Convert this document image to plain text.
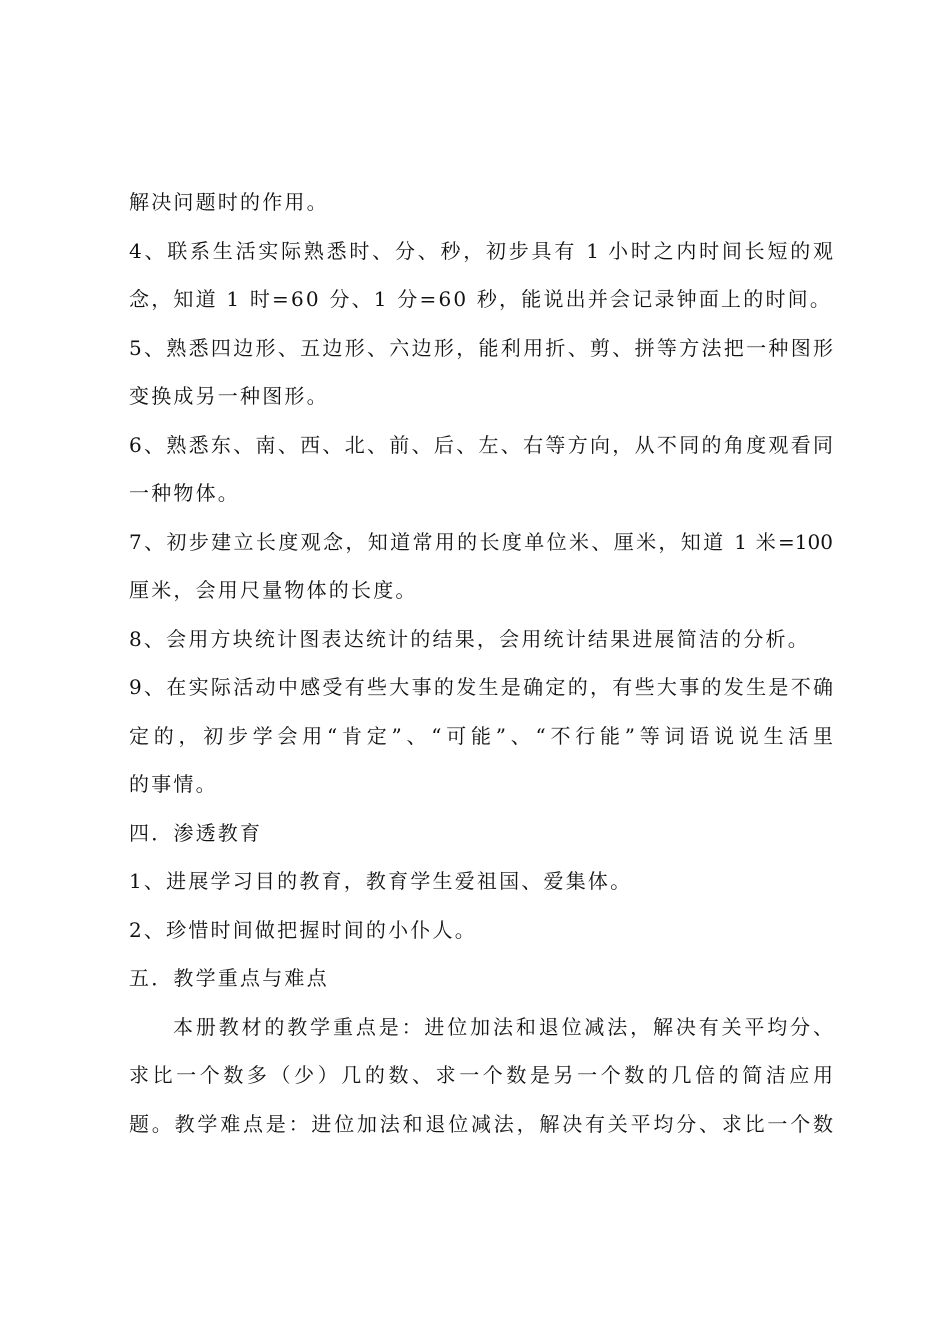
解决问题时的作用。
4、联系生活实际熟悉时、分、秒，初步具有 1 小时之内时间长短的观
念，知道 1 时=60 分、1 分=60 秒，能说出并会记录钟面上的时间。
5、熟悉四边形、五边形、六边形，能利用折、剪、拼等方法把一种图形
变换成另一种图形。
6、熟悉东、南、西、北、前、后、左、右等方向，从不同的角度观看同
一种物体。
7、初步建立长度观念，知道常用的长度单位米、厘米，知道 1 米=100
厘米，会用尺量物体的长度。
8、会用方块统计图表达统计的结果，会用统计结果进展简洁的分析。
9、在实际活动中感受有些大事的发生是确定的，有些大事的发生是不确
定的，初步学会用“肯定”、“可能”、“不行能”等词语说说生活里
的事情。
四．渗透教育
1、进展学习目的教育，教育学生爱祖国、爱集体。
2、珍惜时间做把握时间的小仆人。
五．教学重点与难点
本册教材的教学重点是：进位加法和退位减法，解决有关平均分、
求比一个数多（少）几的数、求一个数是另一个数的几倍的简洁应用
题。教学难点是：进位加法和退位减法，解决有关平均分、求比一个数
